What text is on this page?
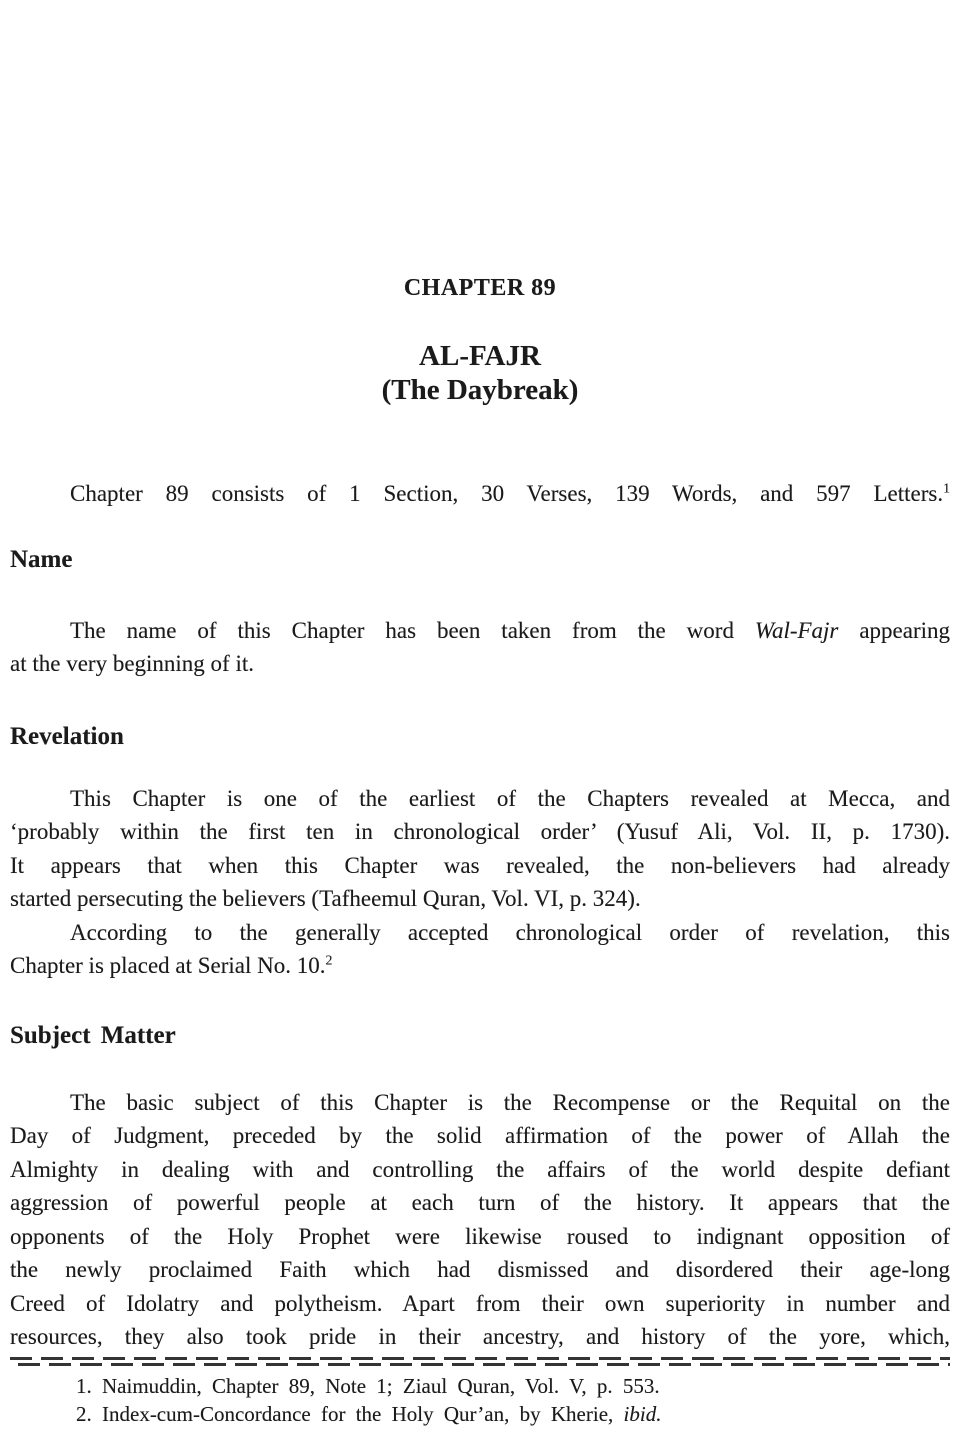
CHAPTER 89
AL-FAJR
(The Daybreak)
Chapter 89 consists of 1 Section, 30 Verses, 139 Words, and 597 Letters.$^1$
Name
The name of this Chapter has been taken from the word Wal-Fajr appearing
at the very beginning of it.
Revelation
This Chapter is one of the earliest of the Chapters revealed at Mecca, and
‘probably within the first ten in chronological order’ (Yusuf Ali, Vol. II, p. 1730).
It appears that when this Chapter was revealed, the non-believers had already
started persecuting the believers (Tafheemul Quran, Vol. VI, p. 324).
According to the generally accepted chronological order of revelation, this
Chapter is placed at Serial No. 10.$^2$
Subject Matter
The basic subject of this Chapter is the Recompense or the Requital on the
Day of Judgment, preceded by the solid affirmation of the power of Allah the
Almighty in dealing with and controlling the affairs of the world despite defiant
aggression of powerful people at each turn of the history. It appears that the
opponents of the Holy Prophet were likewise roused to indignant opposition of
the newly proclaimed Faith which had dismissed and disordered their age-long
Creed of Idolatry and polytheism. Apart from their own superiority in number and
resources, they also took pride in their ancestry, and history of the yore, which,
1. Naimuddin, Chapter 89, Note 1; Ziaul Quran, Vol. V, p. 553.
2. Index-cum-Concordance for the Holy Qur’an, by Kherie, ibid.
